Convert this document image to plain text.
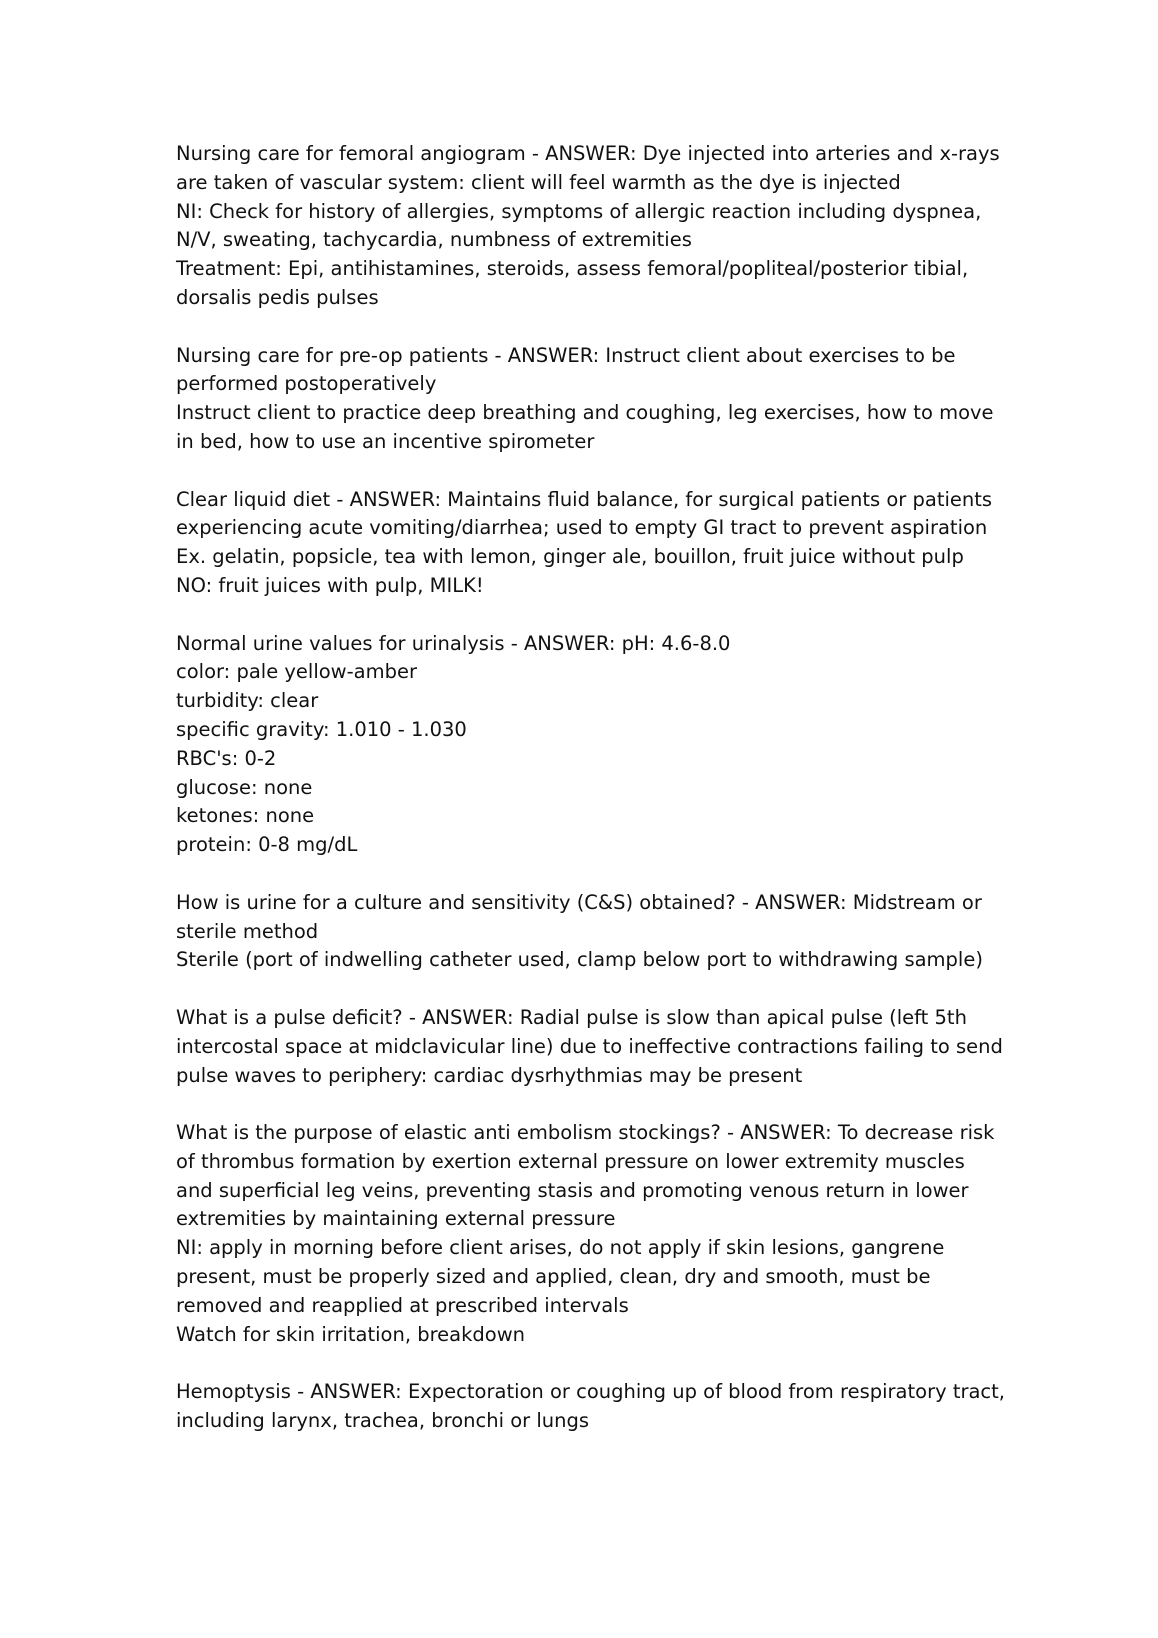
Nursing care for femoral angiogram - ANSWER: Dye injected into arteries and x-rays
are taken of vascular system: client will feel warmth as the dye is injected
NI: Check for history of allergies, symptoms of allergic reaction including dyspnea,
N/V, sweating, tachycardia, numbness of extremities
Treatment: Epi, antihistamines, steroids, assess femoral/popliteal/posterior tibial,
dorsalis pedis pulses
Nursing care for pre-op patients - ANSWER: Instruct client about exercises to be
performed postoperatively
Instruct client to practice deep breathing and coughing, leg exercises, how to move
in bed, how to use an incentive spirometer
Clear liquid diet - ANSWER: Maintains fluid balance, for surgical patients or patients
experiencing acute vomiting/diarrhea; used to empty GI tract to prevent aspiration
Ex. gelatin, popsicle, tea with lemon, ginger ale, bouillon, fruit juice without pulp
NO: fruit juices with pulp, MILK!
Normal urine values for urinalysis - ANSWER: pH: 4.6-8.0
color: pale yellow-amber
turbidity: clear
specific gravity: 1.010 - 1.030
RBC's: 0-2
glucose: none
ketones: none
protein: 0-8 mg/dL
How is urine for a culture and sensitivity (C&S) obtained? - ANSWER: Midstream or
sterile method
Sterile (port of indwelling catheter used, clamp below port to withdrawing sample)
What is a pulse deficit? - ANSWER: Radial pulse is slow than apical pulse (left 5th
intercostal space at midclavicular line) due to ineffective contractions failing to send
pulse waves to periphery: cardiac dysrhythmias may be present
What is the purpose of elastic anti embolism stockings? - ANSWER: To decrease risk
of thrombus formation by exertion external pressure on lower extremity muscles
and superficial leg veins, preventing stasis and promoting venous return in lower
extremities by maintaining external pressure
NI: apply in morning before client arises, do not apply if skin lesions, gangrene
present, must be properly sized and applied, clean, dry and smooth, must be
removed and reapplied at prescribed intervals
Watch for skin irritation, breakdown
Hemoptysis - ANSWER: Expectoration or coughing up of blood from respiratory tract,
including larynx, trachea, bronchi or lungs
